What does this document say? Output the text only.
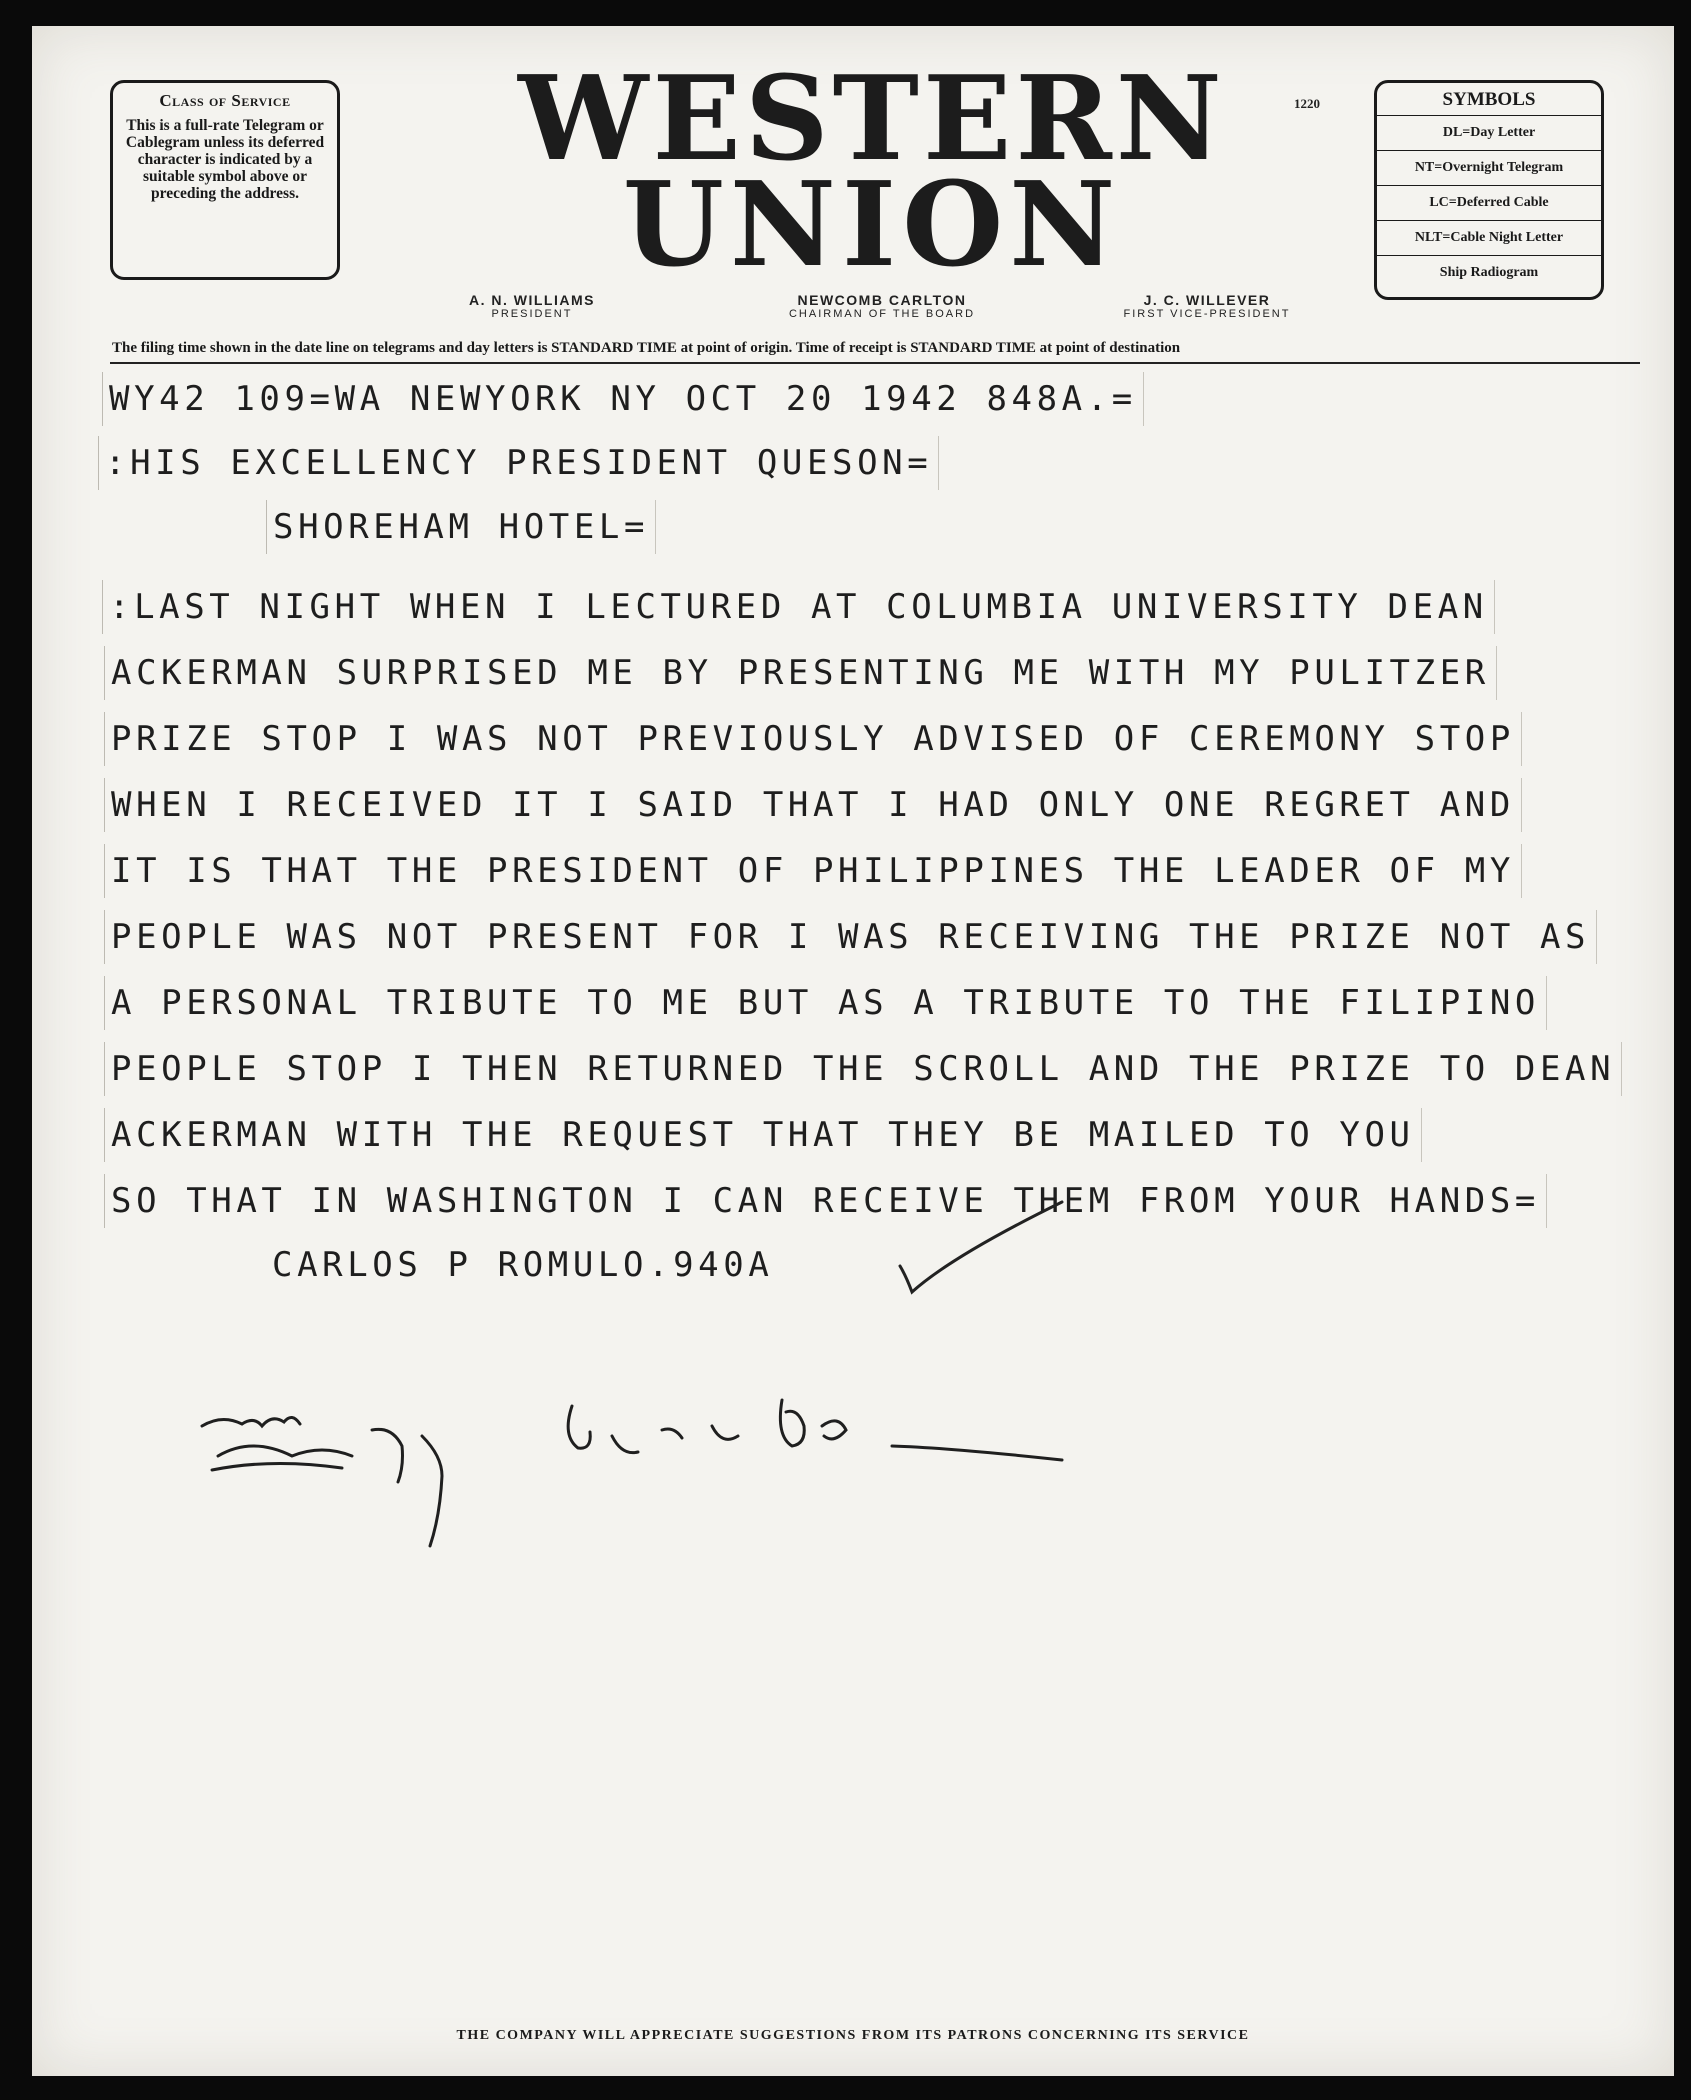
Class of Service
This is a full-rate Telegram or Cablegram unless its deferred character is indicated by a suitable symbol above or preceding the address.
WESTERN
UNION
1220	SYMBOLS
DL=Day Letter
NT=Overnight Telegram
LC=Deferred Cable
NLT=Cable Night Letter
Ship Radiogram
A. N. WILLIAMS
PRESIDENT
NEWCOMB CARLTON
CHAIRMAN OF THE BOARD
J. C. WILLEVER
FIRST VICE-PRESIDENT
The filing time shown in the date line on telegrams and day letters is STANDARD TIME at point of origin. Time of receipt is STANDARD TIME at point of destination
WY42 109=WA NEWYORK NY OCT 20 1942 848A.=
:HIS EXCELLENCY PRESIDENT QUESON=
SHOREHAM HOTEL=
:LAST NIGHT WHEN I LECTURED AT COLUMBIA UNIVERSITY DEAN
ACKERMAN SURPRISED ME BY PRESENTING ME WITH MY PULITZER
PRIZE STOP I WAS NOT PREVIOUSLY ADVISED OF CEREMONY STOP
WHEN I RECEIVED IT I SAID THAT I HAD ONLY ONE REGRET AND
IT IS THAT THE PRESIDENT OF PHILIPPINES THE LEADER OF MY
PEOPLE WAS NOT PRESENT FOR I WAS RECEIVING THE PRIZE NOT AS
A PERSONAL TRIBUTE TO ME BUT AS A TRIBUTE TO THE FILIPINO
PEOPLE STOP I THEN RETURNED THE SCROLL AND THE PRIZE TO DEAN
ACKERMAN WITH THE REQUEST THAT THEY BE MAILED TO YOU
SO THAT IN WASHINGTON I CAN RECEIVE THEM FROM YOUR HANDS=
CARLOS P ROMULO.940A
THE COMPANY WILL APPRECIATE SUGGESTIONS FROM ITS PATRONS CONCERNING ITS SERVICE
